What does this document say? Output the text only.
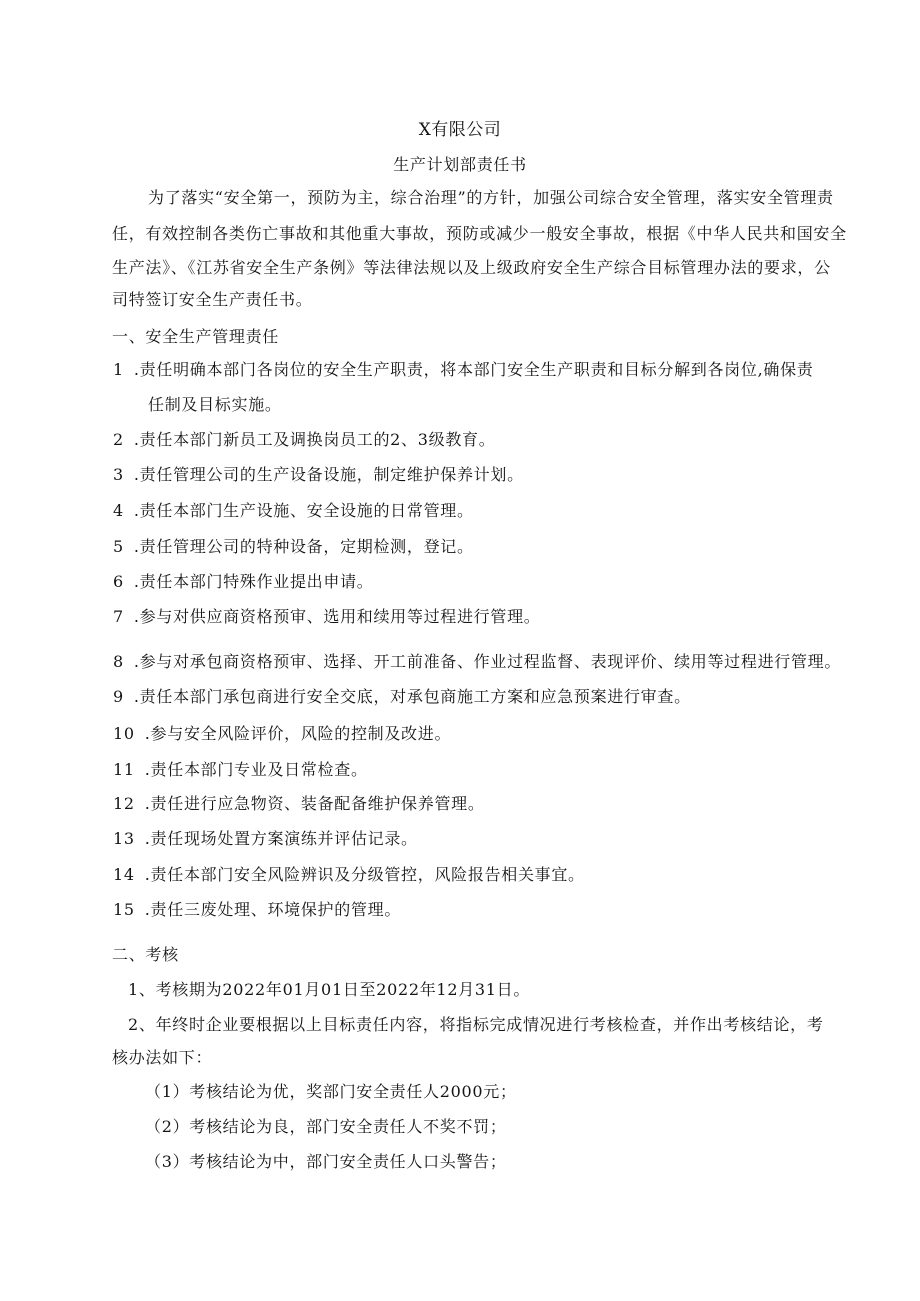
X有限公司
生产计划部责任书
为了落实“安全第一，预防为主，综合治理”的方针，加强公司综合安全管理，落实安全管理责
任，有效控制各类伤亡事故和其他重大事故，预防或减少一般安全事故，根据《中华人民共和国安全
生产法》、《江苏省安全生产条例》等法律法规以及上级政府安全生产综合目标管理办法的要求，公
司特签订安全生产责任书。
一、安全生产管理责任
1 .责任明确本部门各岗位的安全生产职责，将本部门安全生产职责和目标分解到各岗位,确保责
任制及目标实施。
2 .责任本部门新员工及调换岗员工的2、3级教育。
3 .责任管理公司的生产设备设施，制定维护保养计划。
4 .责任本部门生产设施、安全设施的日常管理。
5 .责任管理公司的特种设备，定期检测，登记。
6 .责任本部门特殊作业提出申请。
7 .参与对供应商资格预审、选用和续用等过程进行管理。
8 .参与对承包商资格预审、选择、开工前准备、作业过程监督、表现评价、续用等过程进行管理。
9 .责任本部门承包商进行安全交底，对承包商施工方案和应急预案进行审查。
10 .参与安全风险评价，风险的控制及改进。
11 .责任本部门专业及日常检查。
12 .责任进行应急物资、装备配备维护保养管理。
13 .责任现场处置方案演练并评估记录。
14 .责任本部门安全风险辨识及分级管控，风险报告相关事宜。
15 .责任三废处理、环境保护的管理。
二、考核
1、考核期为2022年01月01日至2022年12月31日。
2、年终时企业要根据以上目标责任内容，将指标完成情况进行考核检查，并作出考核结论，考
核办法如下：
（1）考核结论为优，奖部门安全责任人2000元；
（2）考核结论为良，部门安全责任人不奖不罚；
（3）考核结论为中，部门安全责任人口头警告；
